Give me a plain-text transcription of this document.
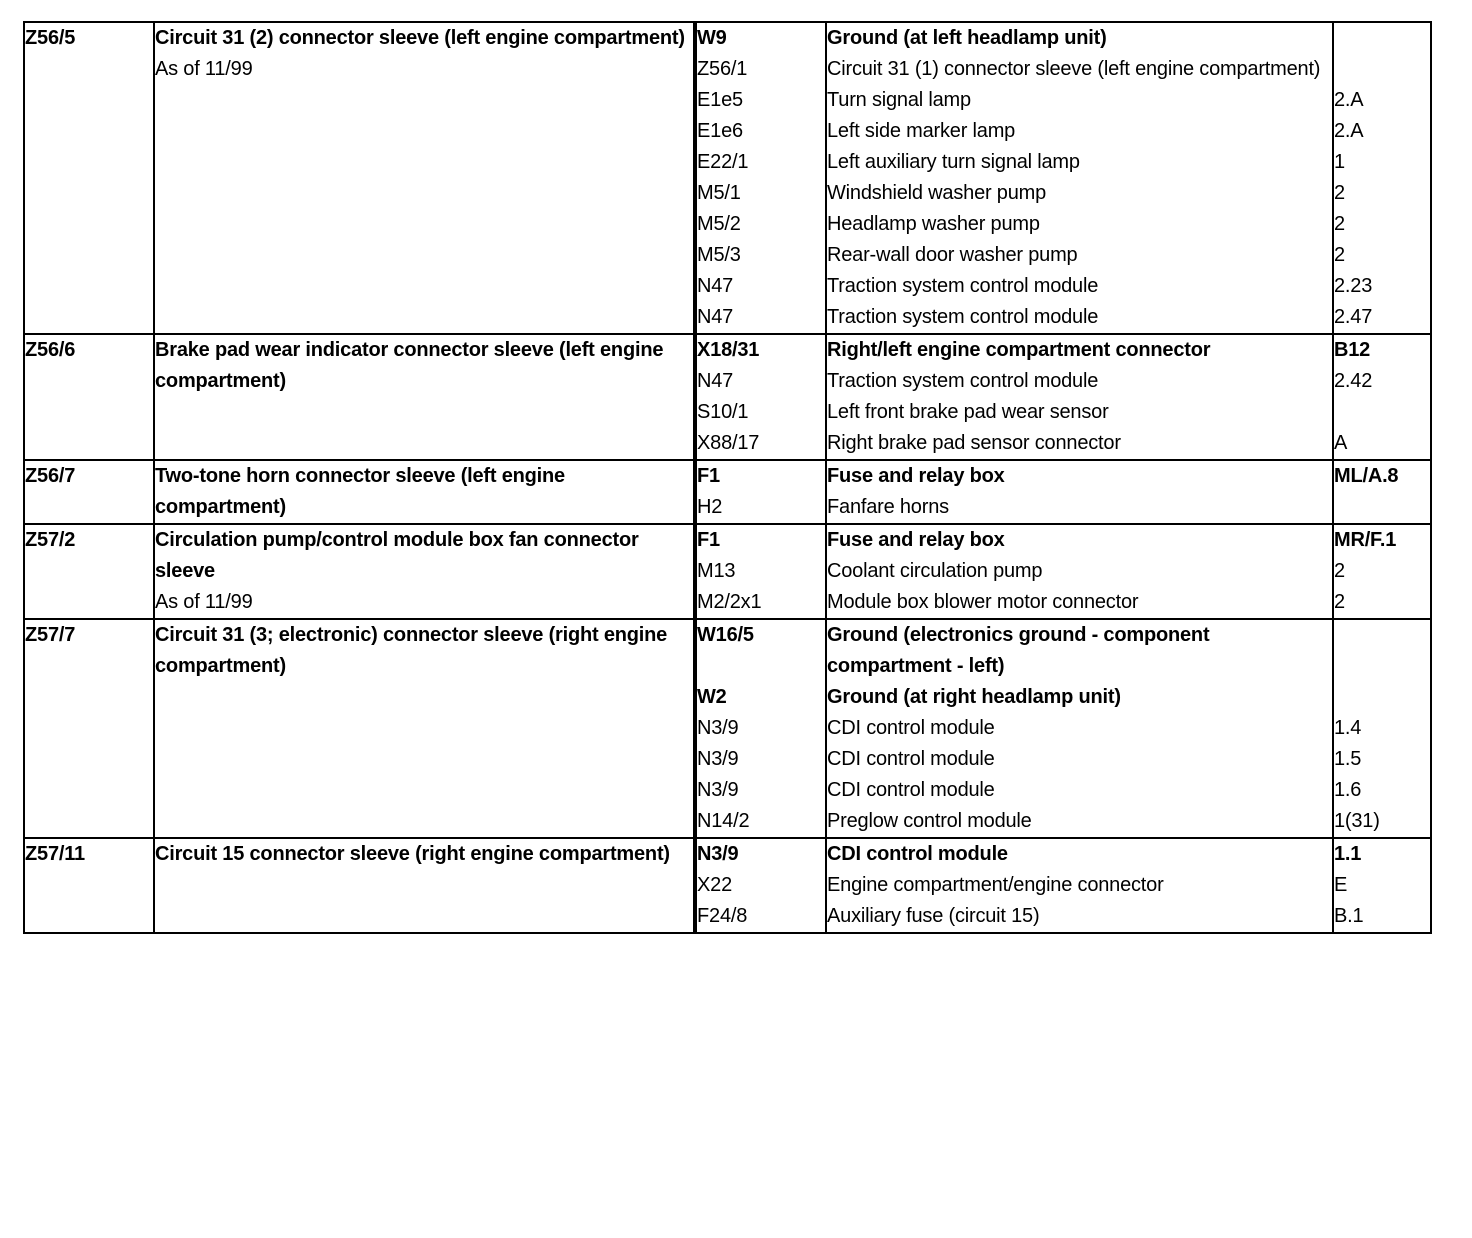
Z56/5	Circuit 31 (2) connector sleeve (left engine compartment)
As of 11/99

W9	Ground (at left headlamp unit)	
Z56/1	Circuit 31 (1) connector sleeve (left engine compartment)	
E1e5	Turn signal lamp	2.A
E1e6	Left side marker lamp	2.A
E22/1	Left auxiliary turn signal lamp	1
M5/1	Windshield washer pump	2
M5/2	Headlamp washer pump	2
M5/3	Rear-wall door washer pump	2
N47	Traction system control module	2.23
N47	Traction system control module	2.47

Z56/6	Brake pad wear indicator connector sleeve (left engine compartment)

X18/31	Right/left engine compartment connector	B12
N47	Traction system control module	2.42
S10/1	Left front brake pad wear sensor	
X88/17	Right brake pad sensor connector	A

Z56/7	Two-tone horn connector sleeve (left engine compartment)

F1	Fuse and relay box	ML/A.8
H2	Fanfare horns	

Z57/2	Circulation pump/control module box fan connector sleeve
As of 11/99

F1	Fuse and relay box	MR/F.1
M13	Coolant circulation pump	2
M2/2x1	Module box blower motor connector	2

Z57/7	Circuit 31 (3; electronic) connector sleeve (right engine compartment)

W16/5	Ground (electronics ground - component compartment - left)	
W2	Ground (at right headlamp unit)	
N3/9	CDI control module	1.4
N3/9	CDI control module	1.5
N3/9	CDI control module	1.6
N14/2	Preglow control module	1(31)

Z57/11	Circuit 15 connector sleeve (right engine compartment)
			N3/9	CDI control module	1.1
X22	Engine compartment/engine connector	E
F24/8	Auxiliary fuse (circuit 15)	B.1
